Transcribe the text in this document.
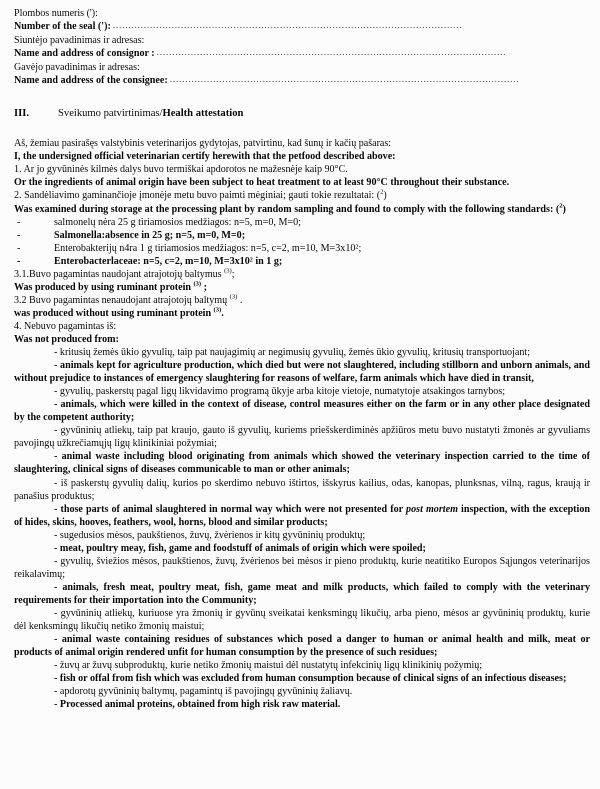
Plombos numeris ('):
Number of the seal ('): .................................................................................................................
Siuntėjo pavadinimas ir adresas:
Name and address of consignor : .................................................................................................................
Gavėjo pavadinimas ir adresas:
Name and address of the consignee: .................................................................................................................
III.	Sveikumo patvirtinimas/Health attestation
Aš, žemiau pasirašęs valstybinis veterinarijos gydytojas, patvirtinu, kad šunų ir kačių pašaras:
I, the undersigned official veterinarian certify herewith that the petfood described above:
1. Ar jo gyvūninės kilmės dalys buvo termiškai apdorotos ne mažesnėje kaip 90°C.
Or the ingredients of animal origin have been subject to heat treatment to at least 90°C throughout their substance.
2. Sandėliavimo gaminančioje įmonėje metu buvo paimti mėginiai; gauti tokie rezultatai: ($^2$)
Was examined during storage at the processing plant by random sampling and found to comply with the following standards: ($^2$)
-	salmonelų nėra 25 g tiriamosios medžiagos: n=5, m=0, M=0;
-	Salmonella:absence in 25 g; n=5, m=0, M=0;
-	Enterobakterijų n4ra 1 g tiriamosios medžiagos: n=5, c=2, m=10, M=3x10²;
-	Enterobacterlaceae: n=5, c=2, m=10, M=3x10² in 1 g;
3.1.Buvo pagamintas naudojant atrajotojų baltymus $^{(3)}$;
Was produced by using ruminant protein $^{(3)}$ ;
3.2 Buvo pagamintas nenaudojant atrajotojų baltymų $^{(3)}$ .
was produced without using ruminant protein $^{(3)}$.
4. Nebuvo pagamintas iš:
Was not produced from:
- kritusių žemės ūkio gyvulių, taip pat naujagimių ar negimusių gyvulių, žemės ūkio gyvulių, kritusių transportuojant;
- animals kept for agriculture production, which died but were not slaughtered, including stillborn and unborn animals, and without prejudice to instances of emergency slaughtering for reasons of welfare, farm animals which have died in transit,
- gyvulių, paskerstų pagal ligų likvidavimo programą ūkyje arba kitoje vietoje, numatytoje atsakingos tarnybos;
- animals, which were killed in the context of disease, control measures either on the farm or in any other place designated by the competent authority;
- gyvūninių atliekų, taip pat kraujo, gauto iš gyvulių, kuriems priešskerdiminės apžiūros metu buvo nustatyti žmonės ar gyvuliams pavojingų užkrečiamųjų ligų klinikiniai požymiai;
- animal waste including blood originating from animals which showed the veterinary inspection carried to the time of slaughtering, clinical signs of diseases communicable to man or other animals;
- iš paskerstų gyvulių dalių, kurios po skerdimo nebuvo ištirtos, išskyrus kailius, odas, kanopas, plunksnas, vilną, ragus, kraują ir panašius produktus;
- those parts of animal slaughtered in normal way which were not presented for post mortem inspection, with the exception of hides, skins, hooves, feathers, wool, horns, blood and similar products;
- sugedusios mėsos, paukštienos, žuvų, žvėrienos ir kitų gyvūninių produktų;
- meat, poultry meay, fish, game and foodstuff of animals of origin which were spoiled;
- gyvulių, šviežios mėsos, paukštienos, žuvų, žvėrienos bei mėsos ir pieno produktų, kurie neatitiko Europos Sąjungos veterinarijos reikalavimų;
- animals, fresh meat, poultry meat, fish, game meat and milk products, which failed to comply with the veterinary requirements for their importation into the Community;
- gyvūninių atliekų, kuriuose yra žmonių ir gyvūnų sveikatai kenksmingų likučių, arba pieno, mėsos ar gyvūninių produktų, kurie dėl kenksmingų likučių netiko žmonių maistui;
- animal waste containing residues of substances which posed a danger to human or animal health and milk, meat or products of animal origin rendered unfit for human consumption by the presence of such residues;
- žuvų ar žuvų subproduktų, kurie netiko žmonių maistui dėl nustatytų infekcinių ligų klinikinių požymių;
- fish or offal from fish which was excluded from human consumption because of clinical signs of an infectious diseases;
- apdorotų gyvūninių baltymų, pagamintų iš pavojingų gyvūninių žaliavų.
- Processed animal proteins, obtained from high risk raw material.
